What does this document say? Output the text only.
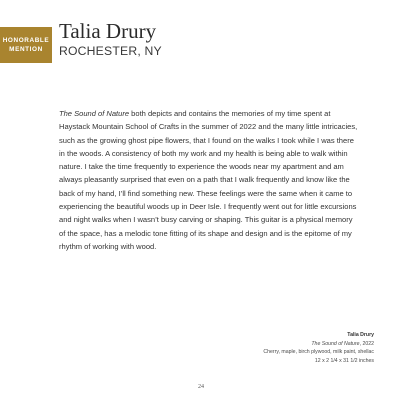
HONORABLE
MENTION
Talia Drury
ROCHESTER, NY
The Sound of Nature both depicts and contains the memories of my time spent at Haystack Mountain School of Crafts in the summer of 2022 and the many little intricacies, such as the growing ghost pipe flowers, that I found on the walks I took while I was there in the woods. A consistency of both my work and my health is being able to walk within nature. I take the time frequently to experience the woods near my apartment and am always pleasantly surprised that even on a path that I walk frequently and know like the back of my hand, I’ll find something new. These feelings were the same when it came to experiencing the beautiful woods up in Deer Isle. I frequently went out for little excursions and night walks when I wasn’t busy carving or shaping. This guitar is a physical memory of the space, has a melodic tone fitting of its shape and design and is the epitome of my rhythm of working with wood.
Talia Drury
The Sound of Nature, 2022
Cherry, maple, birch plywood, milk paint, shellac
12 x 2 1/4 x 31 1/2 inches
24
